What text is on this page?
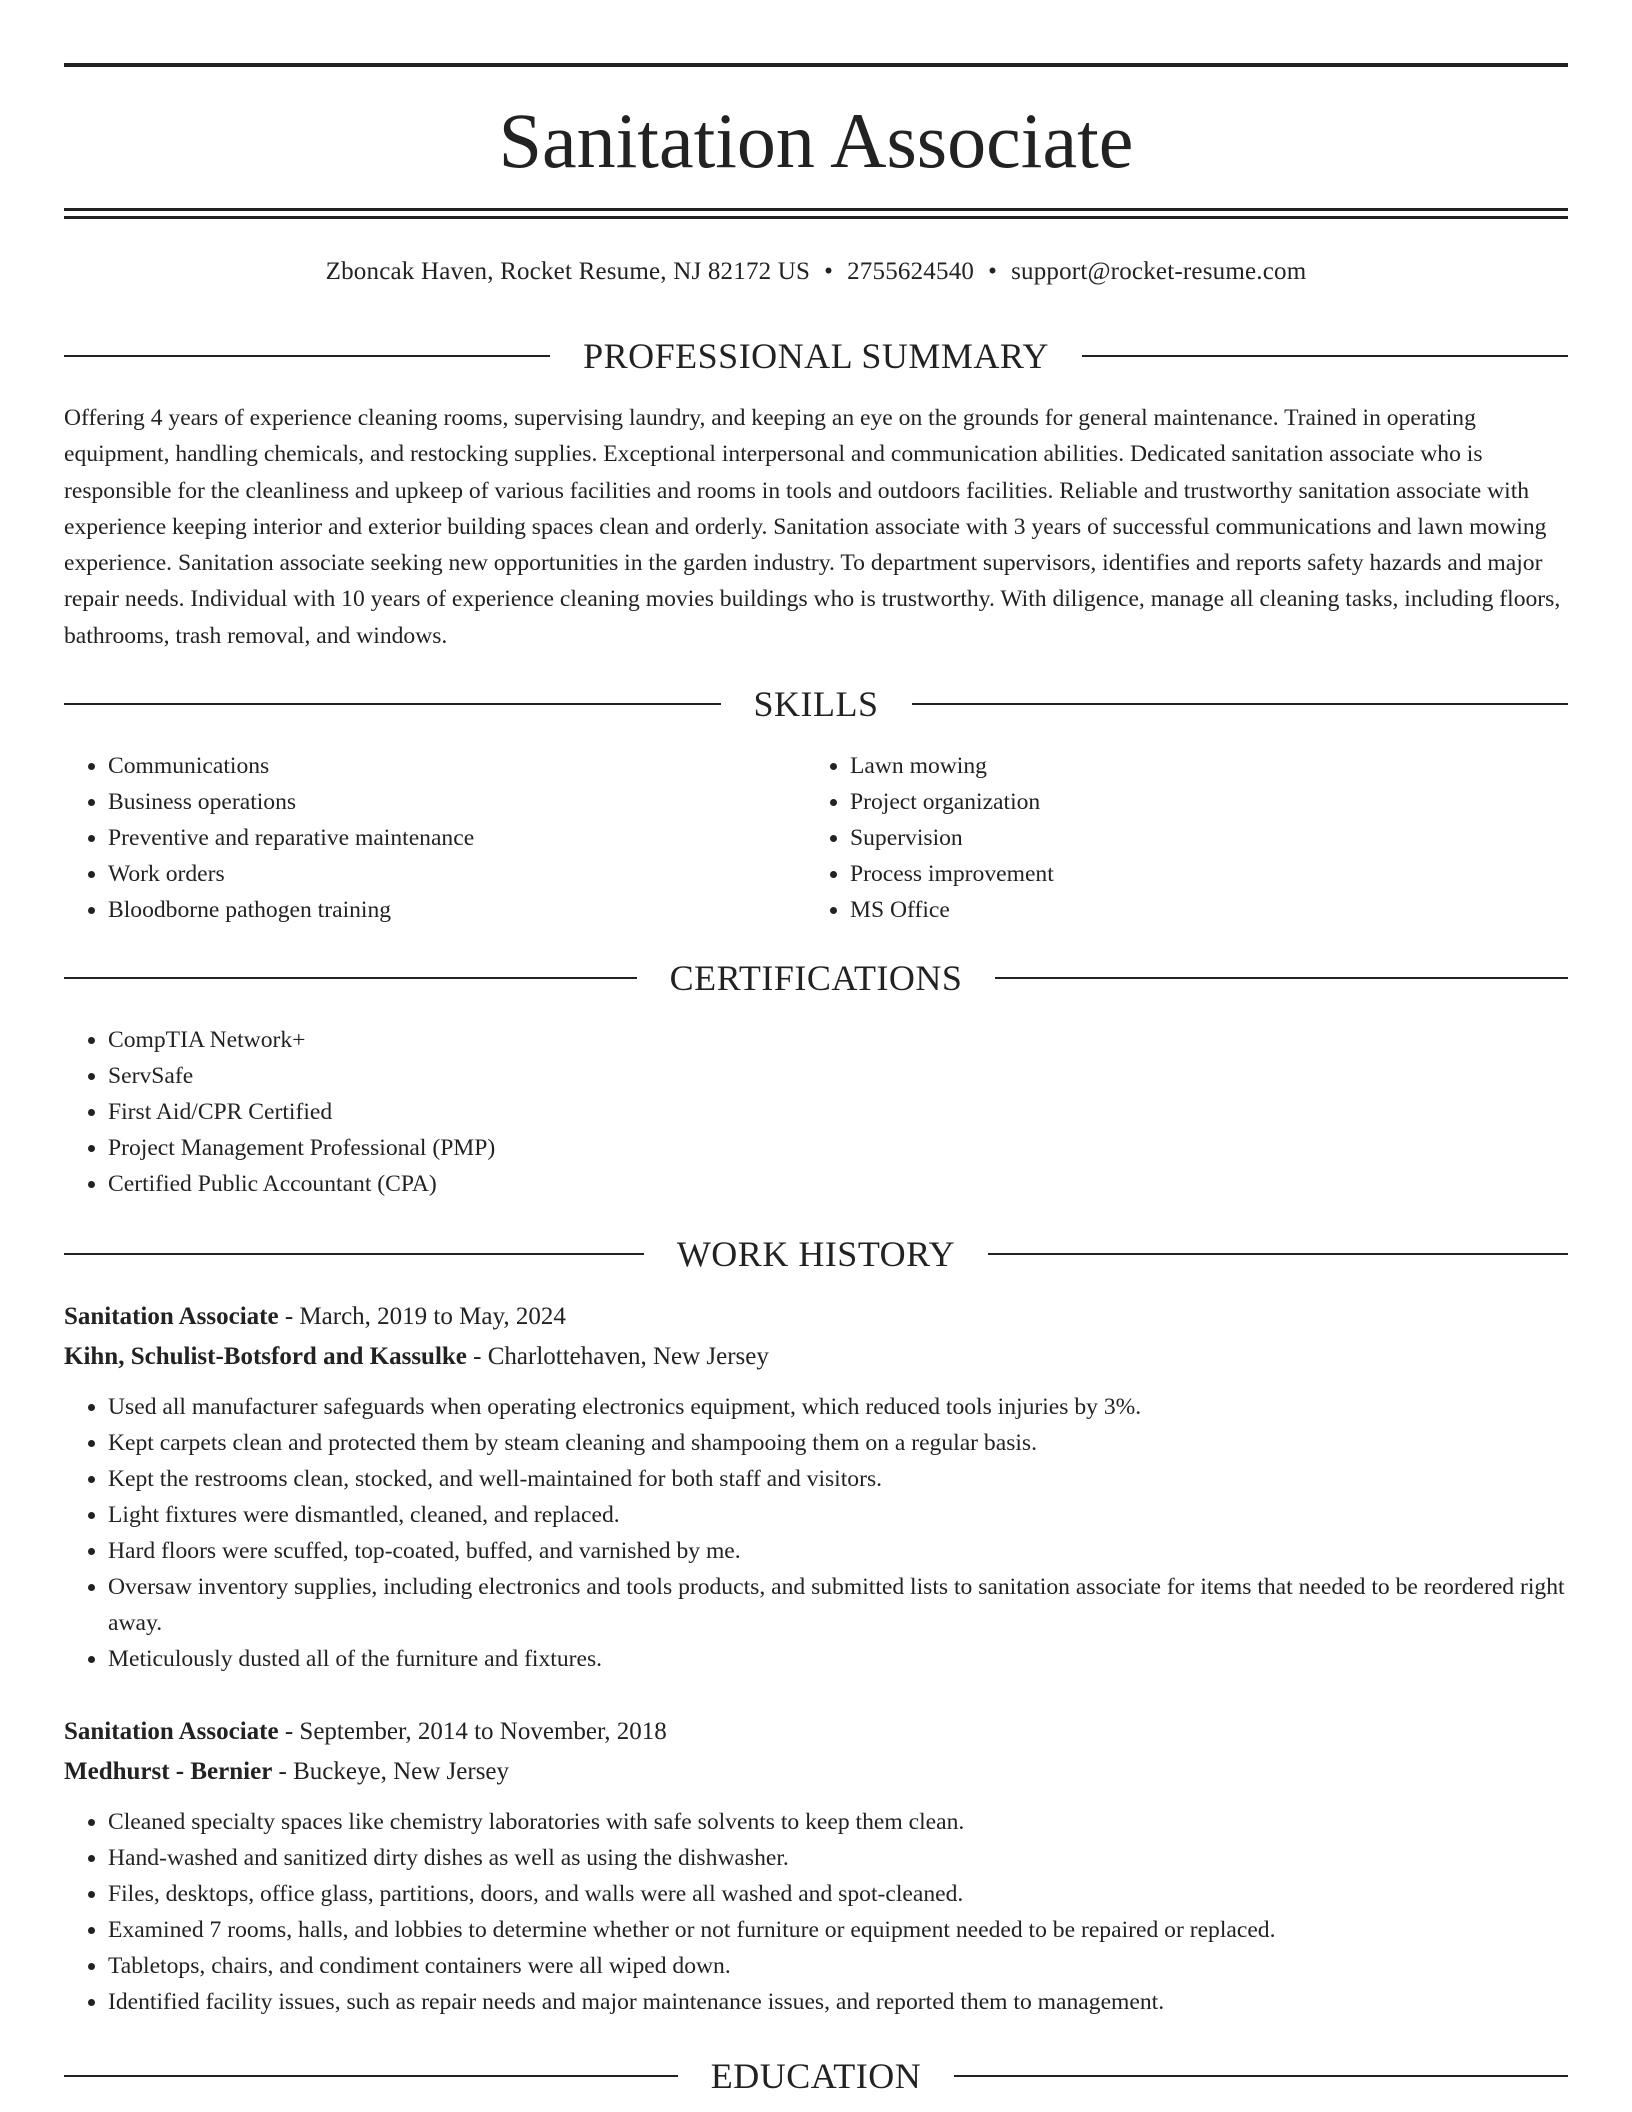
Sanitation Associate
Zboncak Haven, Rocket Resume, NJ 82172 US • 2755624540 • support@rocket-resume.com
PROFESSIONAL SUMMARY

Offering 4 years of experience cleaning rooms, supervising laundry, and keeping an eye on the grounds for general maintenance. Trained in operating equipment, handling chemicals, and restocking supplies. Exceptional interpersonal and communication abilities. Dedicated sanitation associate who is responsible for the cleanliness and upkeep of various facilities and rooms in tools and outdoors facilities. Reliable and trustworthy sanitation associate with experience keeping interior and exterior building spaces clean and orderly. Sanitation associate with 3 years of successful communications and lawn mowing experience. Sanitation associate seeking new opportunities in the garden industry. To department supervisors, identifies and reports safety hazards and major repair needs. Individual with 10 years of experience cleaning movies buildings who is trustworthy. With diligence, manage all cleaning tasks, including floors, bathrooms, trash removal, and windows.

SKILLS
• Communications
• Business operations
• Preventive and reparative maintenance
• Work orders
• Bloodborne pathogen training
• Lawn mowing
• Project organization
• Supervision
• Process improvement
• MS Office
CERTIFICATIONS
• CompTIA Network+
• ServSafe
• First Aid/CPR Certified
• Project Management Professional (PMP)
• Certified Public Accountant (CPA)
WORK HISTORY
Sanitation Associate - March, 2019 to May, 2024
Kihn, Schulist-Botsford and Kassulke - Charlottehaven, New Jersey
• Used all manufacturer safeguards when operating electronics equipment, which reduced tools injuries by 3%.
• Kept carpets clean and protected them by steam cleaning and shampooing them on a regular basis.
• Kept the restrooms clean, stocked, and well-maintained for both staff and visitors.
• Light fixtures were dismantled, cleaned, and replaced.
• Hard floors were scuffed, top-coated, buffed, and varnished by me.
• Oversaw inventory supplies, including electronics and tools products, and submitted lists to sanitation associate for items that needed to be reordered right away.
• Meticulously dusted all of the furniture and fixtures.
Sanitation Associate - September, 2014 to November, 2018
Medhurst - Bernier - Buckeye, New Jersey
• Cleaned specialty spaces like chemistry laboratories with safe solvents to keep them clean.
• Hand-washed and sanitized dirty dishes as well as using the dishwasher.
• Files, desktops, office glass, partitions, doors, and walls were all washed and spot-cleaned.
• Examined 7 rooms, halls, and lobbies to determine whether or not furniture or equipment needed to be repaired or replaced.
• Tabletops, chairs, and condiment containers were all wiped down.
• Identified facility issues, such as repair needs and major maintenance issues, and reported them to management.
EDUCATION
